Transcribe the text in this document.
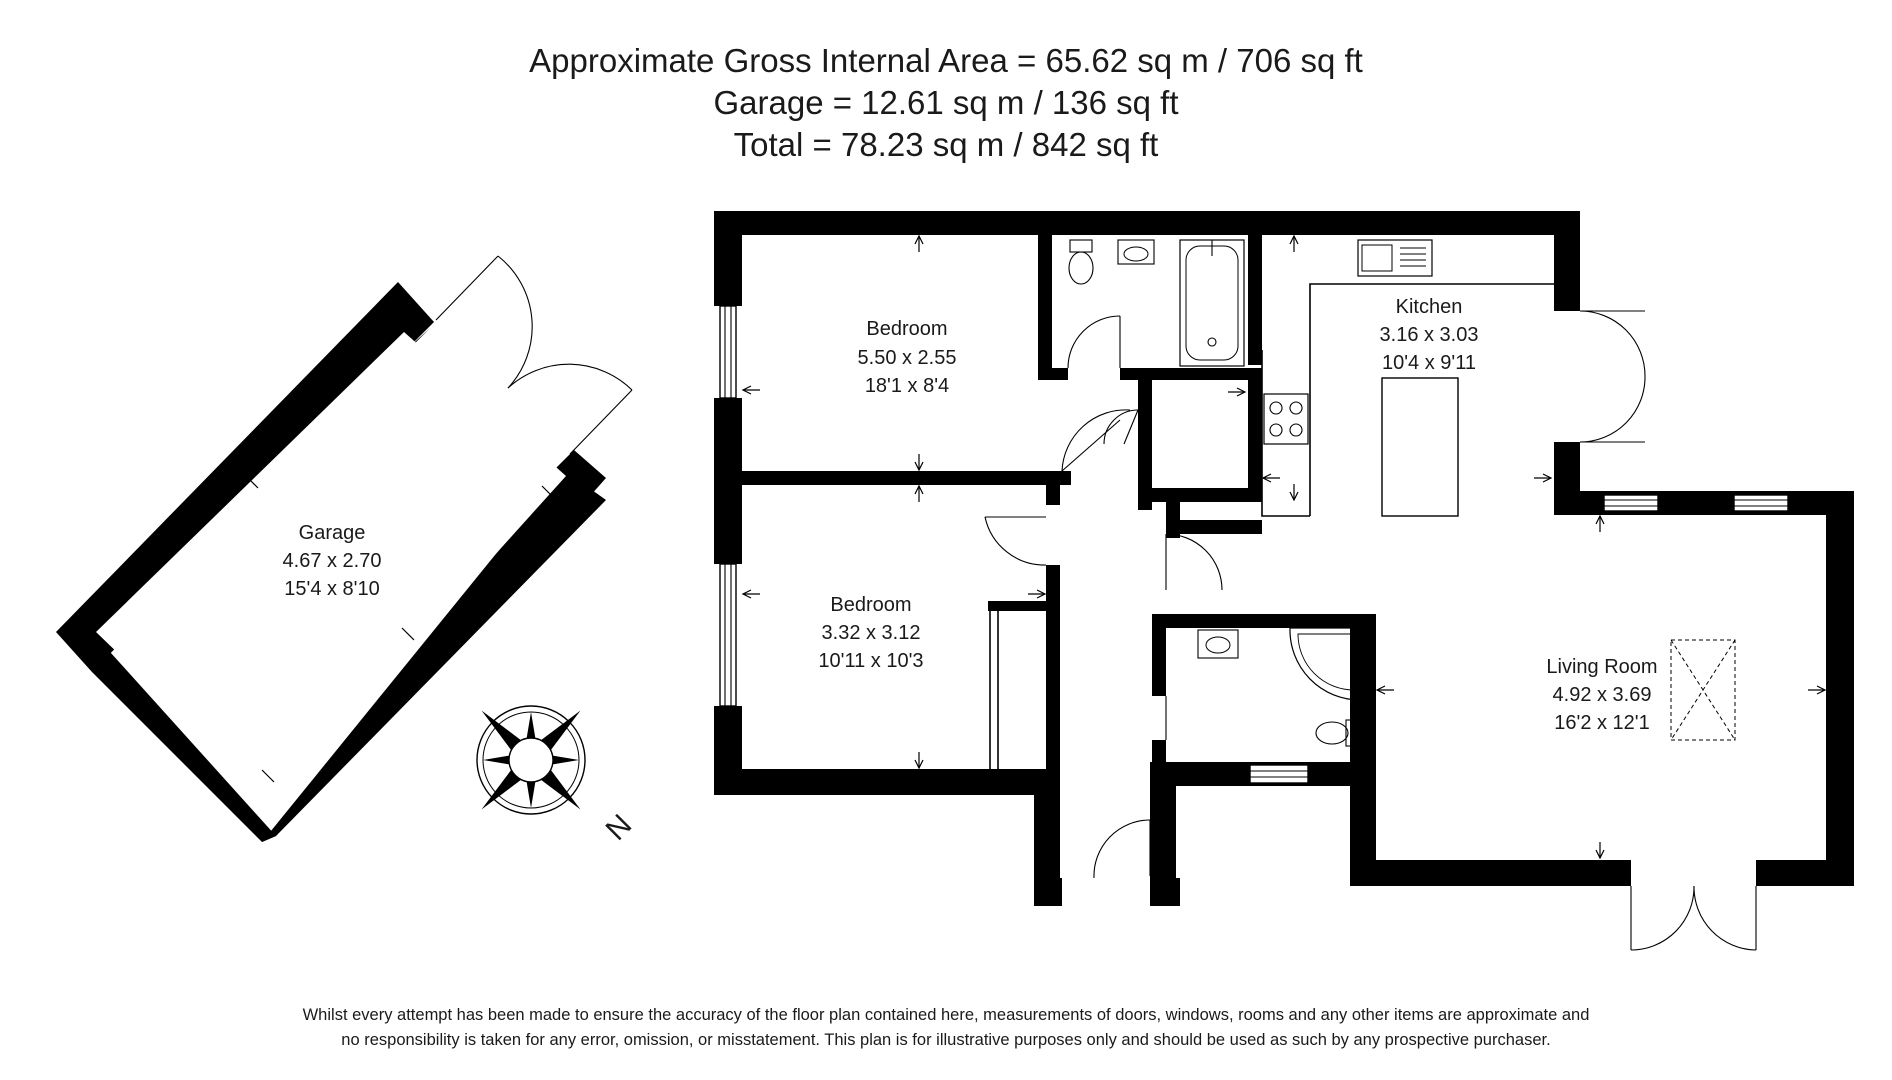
Approximate Gross Internal Area = 65.62 sq m / 706 sq ft
Garage = 12.61 sq m / 136 sq ft
Total = 78.23 sq m / 842 sq ft
N
Bedroom
5.50 x 2.55
18'1 x 8'4
Bedroom
3.32 x 3.12
10'11 x 10'3
Kitchen
3.16 x 3.03
10'4 x 9'11
Living Room
4.92 x 3.69
16'2 x 12'1
Garage
4.67 x 2.70
15'4 x 8'10
Whilst every attempt has been made to ensure the accuracy of the floor plan contained here, measurements of doors, windows, rooms and any other items are approximate and
no responsibility is taken for any error, omission, or misstatement. This plan is for illustrative purposes only and should be used as such by any prospective purchaser.
